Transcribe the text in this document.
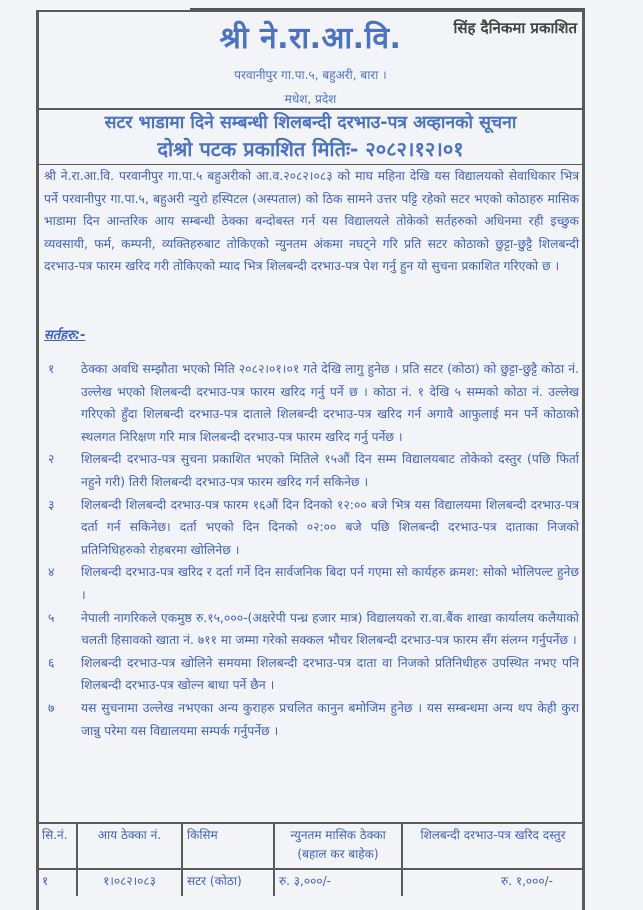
श्री ने.रा.आ.वि.	सिंह दैनिकमा प्रकाशित
परवानीपुर गा.पा.५, बहुअरी, बारा ।
मधेश, प्रदेश
सटर भाडामा दिने सम्बन्धी शिलबन्दी दरभाउ-पत्र अव्हानको सूचना
दोश्रो पटक प्रकाशित मितिः- २०८२।१२।०१
श्री ने.रा.आ.वि. परवानीपुर गा.पा.५ बहुअरीको आ.व.२०८२।०८३ को माघ महिना देखि यस विद्यालयको सेवाधिकार भित्र पर्ने परवानीपुर गा.पा.५, बहुअरी न्युरो हस्पिटल (अस्पताल) को ठिक सामने उत्तर पट्टि रहेको सटर भएको कोठाहरु मासिक भाडामा दिन आन्तरिक आय सम्बन्धी ठेक्का बन्दोबस्त गर्न यस विद्यालयले तोकेको सर्तहरुको अधिनमा रही इच्छुक व्यवसायी, फर्म, कम्पनी, व्यक्तिहरुबाट तोकिएको न्युनतम अंकमा नघट्ने गरि प्रति सटर कोठाको छुट्टा-छुट्टै शिलबन्दी दरभाउ-पत्र फारम खरिद गरी तोकिएको म्याद भित्र शिलबन्दी दरभाउ-पत्र पेश गर्नु हुन यो सुचना प्रकाशित गरिएको छ ।
सर्तहरु:-
१ ठेक्का अवधि सम्झौता भएको मिति २०८२।०१।०१ गते देखि लागु हुनेछ । प्रति सटर (कोठा) को छुट्टा-छुट्टै कोठा नं. उल्लेख भएको शिलबन्दी दरभाउ-पत्र फारम खरिद गर्नु पर्ने छ । कोठा नं. १ देखि ५ सम्मको कोठा नं. उल्लेख गरिएको हुँदा शिलबन्दी दरभाउ-पत्र दाताले शिलबन्दी दरभाउ-पत्र खरिद गर्न अगावै आफुलाई मन पर्ने कोठाको स्थलगत निरिक्षण गरि मात्र शिलबन्दी दरभाउ-पत्र फारम खरिद गर्नु पर्नेछ ।
२ शिलबन्दी दरभाउ-पत्र सुचना प्रकाशित भएको मितिले १५औं दिन सम्म विद्यालयबाट तोकेको दस्तुर (पछि फिर्ता नहुने गरी) तिरी शिलबन्दी दरभाउ-पत्र फारम खरिद गर्न सकिनेछ ।
३ शिलबन्दी शिलबन्दी दरभाउ-पत्र फारम १६औं दिन दिनको १२:०० बजे भित्र यस विद्यालयमा शिलबन्दी दरभाउ-पत्र दर्ता गर्न सकिनेछ। दर्ता भएको दिन दिनको ०२:०० बजे पछि शिलबन्दी दरभाउ-पत्र दाताका निजको प्रतिनिधिहरुको रोहबरमा खोलिनेछ ।
४ शिलबन्दी दरभाउ-पत्र खरिद र दर्ता गर्ने दिन सार्वजनिक बिदा पर्न गएमा सो कार्यहरु क्रमश: सोको भोलिपल्ट हुनेछ ।
५ नेपाली नागरिकले एकमुष्ठ रु.१५,०००-(अक्षरेपी पन्ध्र हजार मात्र) विद्यालयको रा.वा.बैंक शाखा कार्यालय कलैयाको चलती हिसावको खाता नं. ७११ मा जम्मा गरेको सक्कल भौचर शिलबन्दी दरभाउ-पत्र फारम सँग संलग्न गर्नुपर्नेछ ।
६ शिलबन्दी दरभाउ-पत्र खोलिने समयमा शिलबन्दी दरभाउ-पत्र दाता वा निजको प्रतिनिधीहरु उपस्थित नभए पनि शिलबन्दी दरभाउ-पत्र खोल्न बाधा पर्ने छैन ।
७ यस सुचनामा उल्लेख नभएका अन्य कुराहरु प्रचलित कानुन बमोजिम हुनेछ । यस सम्बन्धमा अन्य थप केही कुरा जान्नु परेमा यस विद्यालयमा सम्पर्क गर्नुपर्नेछ ।
सि.नं.	आय ठेक्का नं.	किसिम	न्युनतम मासिक ठेक्का (बहाल कर बाहेक)	शिलबन्दी दरभाउ-पत्र खरिद दस्तुर
१	१।०८२।०८३	सटर (कोठा)	रु. ३,०००/-	रु. १,०००/-
